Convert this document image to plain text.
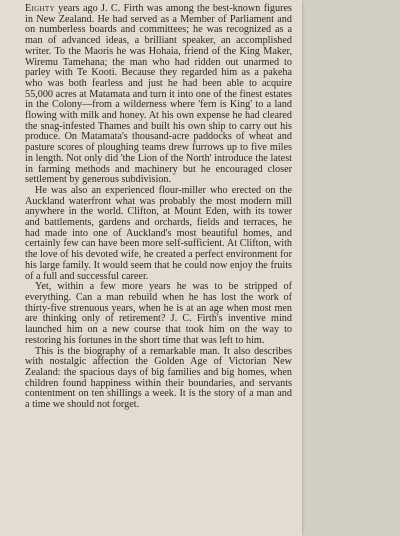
Eighty years ago J. C. Firth was among the best-known figures in New Zealand. He had served as a Member of Parliament and on numberless boards and committees; he was recognized as a man of advanced ideas, a brilliant speaker, an accomplished writer. To the Maoris he was Hohaia, friend of the King Maker, Wiremu Tamehana; the man who had ridden out unarmed to parley with Te Kooti. Because they regarded him as a pakeha who was both fearless and just he had been able to acquire 55,000 acres at Matamata and turn it into one of the finest estates in the Colony—from a wilderness where 'fern is King' to a land flowing with milk and honey. At his own expense he had cleared the snag-infested Thames and built his own ship to carry out his produce. On Matamata's thousand-acre paddocks of wheat and pasture scores of ploughing teams drew furrows up to five miles in length. Not only did 'the Lion of the North' introduce the latest in farming methods and machinery but he encouraged closer settlement by generous subdivision.

He was also an experienced flour-miller who erected on the Auckland waterfront what was probably the most modern mill anywhere in the world. Clifton, at Mount Eden, with its tower and battlements, gardens and orchards, fields and terraces, he had made into one of Auckland's most beautiful homes, and certainly few can have been more self-sufficient. At Clifton, with the love of his devoted wife, he created a perfect environment for his large family. It would seem that he could now enjoy the fruits of a full and successful career.

Yet, within a few more years he was to be stripped of everything. Can a man rebuild when he has lost the work of thirty-five strenuous years, when he is at an age when most men are thinking only of retirement? J. C. Firth's inventive mind launched him on a new course that took him on the way to restoring his fortunes in the short time that was left to him.

This is the biography of a remarkable man. It also describes with nostalgic affection the Golden Age of Victorian New Zealand: the spacious days of big families and big homes, when children found happiness within their boundaries, and servants contentment on ten shillings a week. It is the story of a man and a time we should not forget.
